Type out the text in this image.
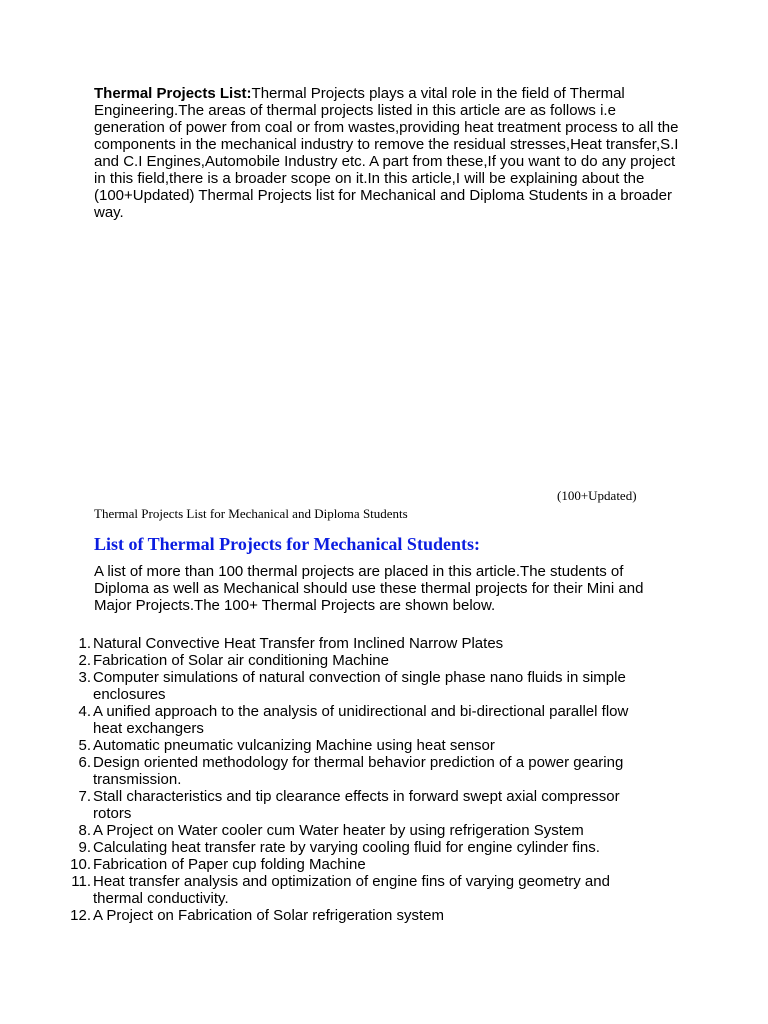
Thermal Projects List:Thermal Projects plays a vital role in the field of Thermal Engineering.The areas of thermal projects listed in this article are as follows i.e generation of power from coal or from wastes,providing heat treatment process to all the components in the mechanical industry to remove the residual stresses,Heat transfer,S.I and C.I Engines,Automobile Industry etc. A part from these,If you want to do any project in this field,there is a broader scope on it.In this article,I will be explaining about the (100+Updated) Thermal Projects list for Mechanical and Diploma Students in a broader way.
(100+Updated)
Thermal Projects List for Mechanical and Diploma Students
List of Thermal Projects for Mechanical Students:
A list of more than 100 thermal projects are placed in this article.The students of Diploma as well as Mechanical should use these thermal projects for their Mini and Major Projects.The 100+ Thermal Projects are shown below.
1. Natural Convective Heat Transfer from Inclined Narrow Plates
2. Fabrication of Solar air conditioning Machine
3. Computer simulations of natural convection of single phase nano fluids in simple enclosures
4. A unified approach to the analysis of unidirectional and bi-directional parallel flow heat exchangers
5. Automatic pneumatic vulcanizing Machine using heat sensor
6. Design oriented methodology for thermal behavior prediction of a power gearing transmission.
7. Stall characteristics and tip clearance effects in forward swept axial compressor rotors
8. A Project on Water cooler cum Water heater by using refrigeration System
9. Calculating heat transfer rate by varying cooling fluid for engine cylinder fins.
10. Fabrication of Paper cup folding Machine
11. Heat transfer analysis and optimization of engine fins of varying geometry and thermal conductivity.
12. A Project on Fabrication of Solar refrigeration system
